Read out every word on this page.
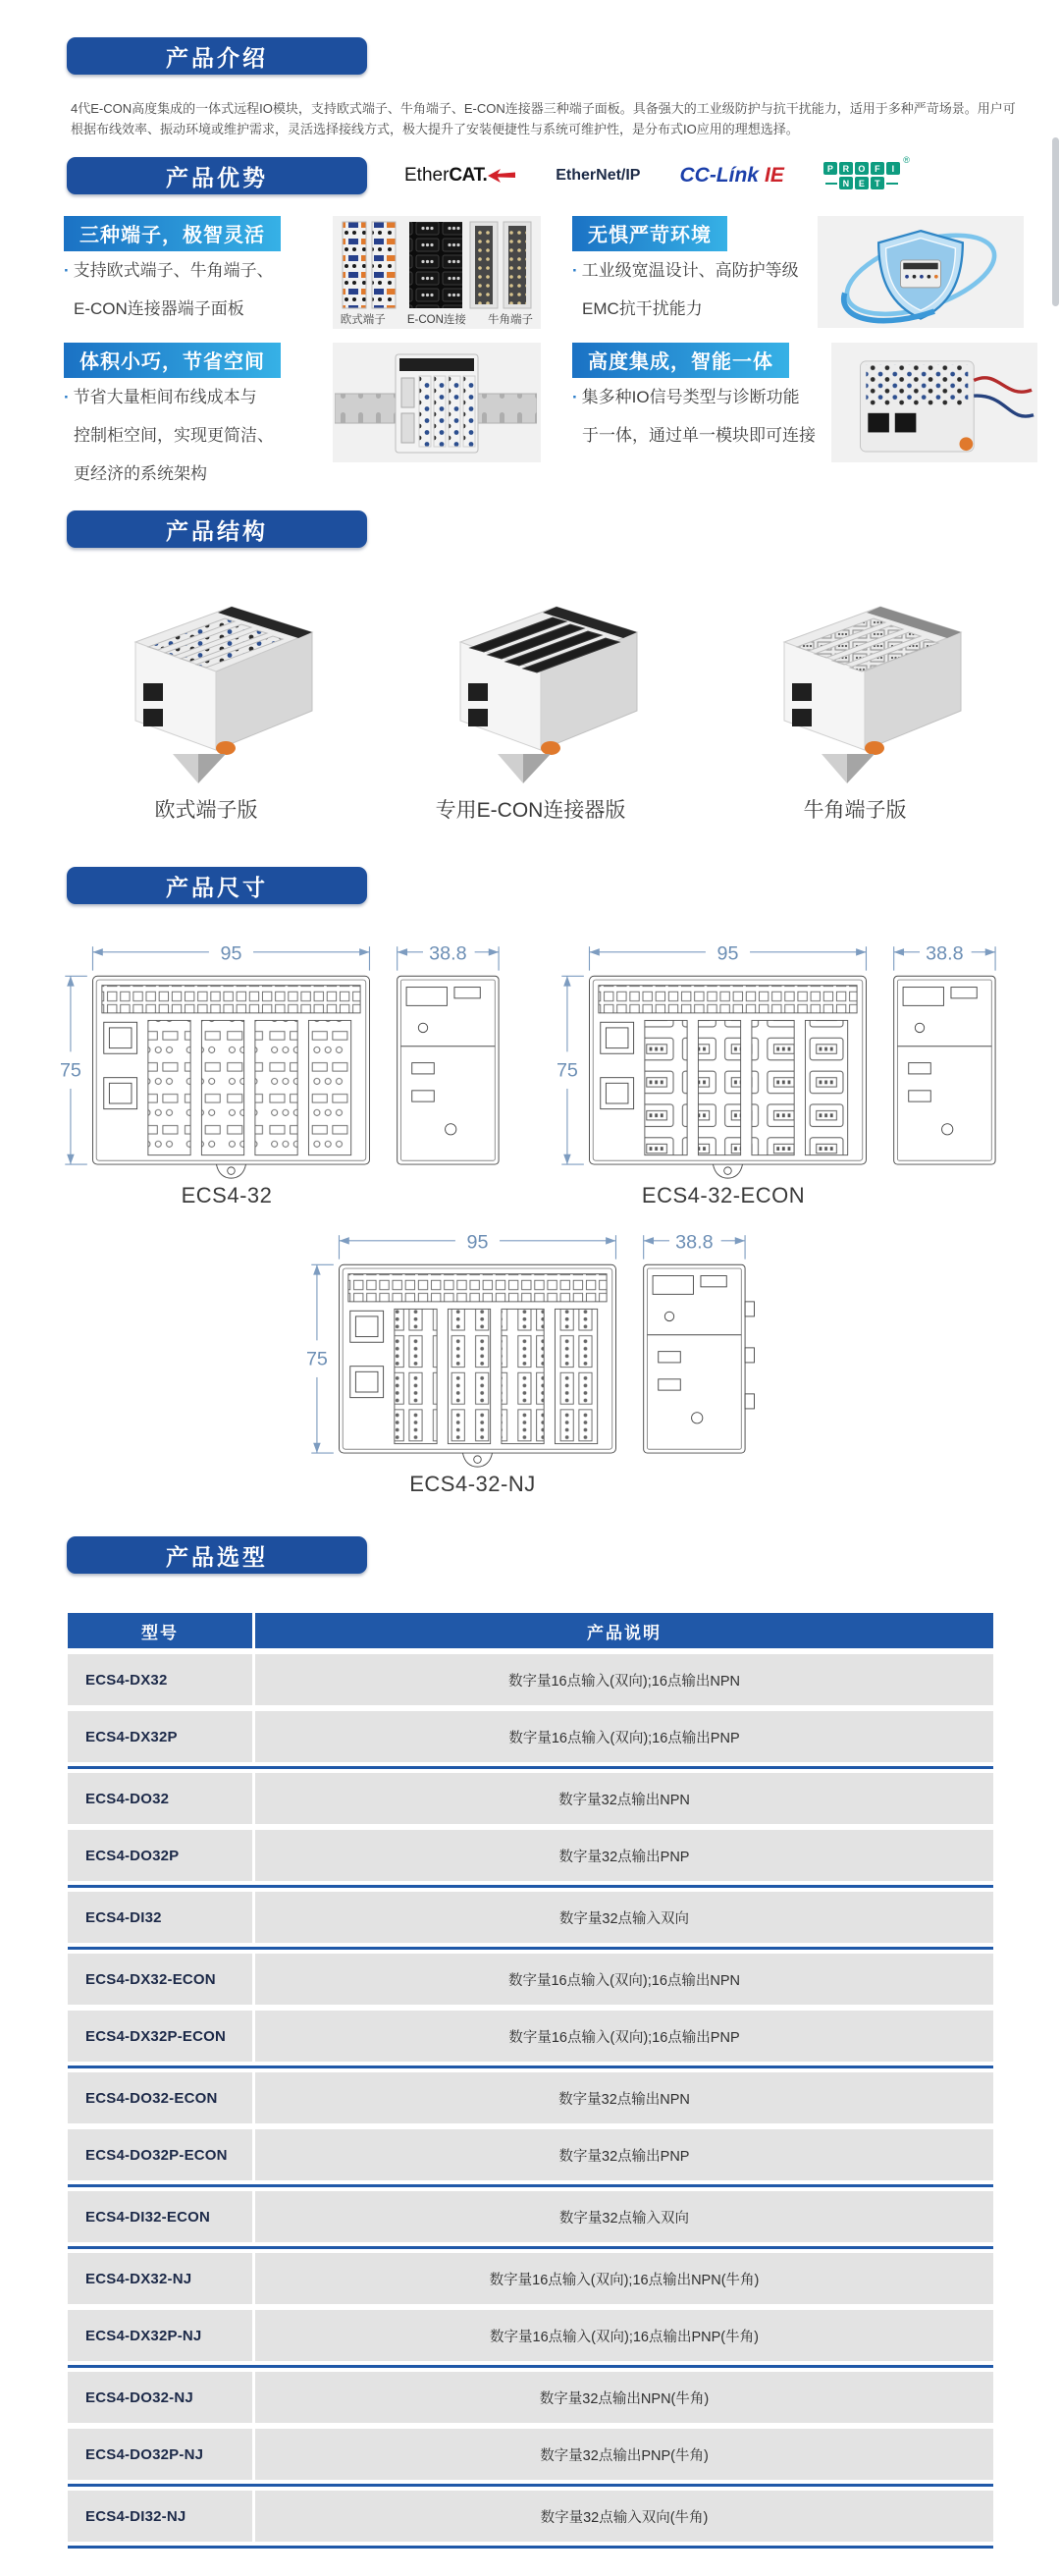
产品介绍

4代E-CON高度集成的一体式远程IO模块，支持欧式端子、牛角端子、E-CON连接器三种端子面板。具备强大的工业级防护与抗干扰能力，适用于多种严苛场景。用户可
根据布线效率、振动环境或维护需求，灵活选择接线方式，极大提升了安装便捷性与系统可维护性，是分布式IO应用的理想选择。

产品优势	Ether CAT.	EtherNet/IP CC-Línk IE
®
P	R	O	F	I
N	E	T
三种端子，极智灵活
· 支持欧式端子、牛角端子、
E-CON连接器端子面板
欧式端子 E-CON连接 牛角端子
无惧严苛环境
· 工业级宽温设计、高防护等级
EMC抗干扰能力
体积小巧，节省空间
· 节省大量柜间布线成本与
控制柜空间，实现更简洁、
更经济的系统架构
高度集成，智能一体
· 集多种IO信号类型与诊断功能
于一体，通过单一模块即可连接
产品结构
欧式端子版	专用E-CON连接器版	牛角端子版
产品尺寸
95	38.8
75
ECS4-32
95	38.8
75
ECS4-32-ECON
95	38.8
75
ECS4-32-NJ
产品选型
型号	产品说明
ECS4-DX32	数字量16点输入(双向);16点输出NPN
ECS4-DX32P	数字量16点输入(双向);16点输出PNP
ECS4-DO32	数字量32点输出NPN
ECS4-DO32P	数字量32点输出PNP
ECS4-DI32	数字量32点输入双向
ECS4-DX32-ECON	数字量16点输入(双向);16点输出NPN
ECS4-DX32P-ECON	数字量16点输入(双向);16点输出PNP
ECS4-DO32-ECON	数字量32点输出NPN
ECS4-DO32P-ECON	数字量32点输出PNP
ECS4-DI32-ECON	数字量32点输入双向
ECS4-DX32-NJ	数字量16点输入(双向);16点输出NPN(牛角)
ECS4-DX32P-NJ	数字量16点输入(双向);16点输出PNP(牛角)
ECS4-DO32-NJ	数字量32点输出NPN(牛角)
ECS4-DO32P-NJ	数字量32点输出PNP(牛角)
ECS4-DI32-NJ	数字量32点输入双向(牛角)
